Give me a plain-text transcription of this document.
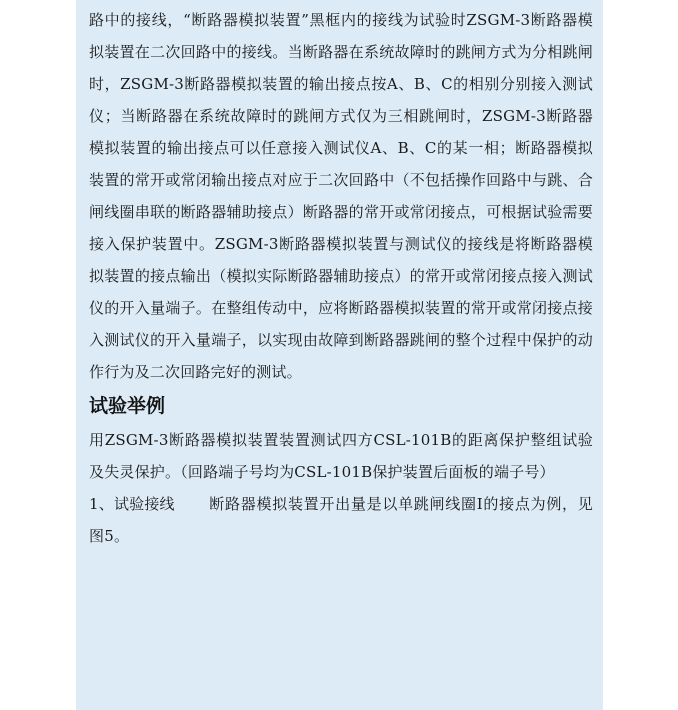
路中的接线，“断路器模拟装置”黑框内的接线为试验时ZSGM-3断路器模拟装置在二次回路中的接线。当断路器在系统故障时的跳闸方式为分相跳闸时，ZSGM-3断路器模拟装置的输出接点按A、B、C的相别分别接入测试仪；当断路器在系统故障时的跳闸方式仅为三相跳闸时，ZSGM-3断路器模拟装置的输出接点可以任意接入测试仪A、B、C的某一相；断路器模拟装置的常开或常闭输出接点对应于二次回路中（不包括操作回路中与跳、合闸线圈串联的断路器辅助接点）断路器的常开或常闭接点，可根据试验需要接入保护装置中。ZSGM-3断路器模拟装置与测试仪的接线是将断路器模拟装置的接点输出（模拟实际断路器辅助接点）的常开或常闭接点接入测试仪的开入量端子。在整组传动中，应将断路器模拟装置的常开或常闭接点接入测试仪的开入量端子，以实现由故障到断路器跳闸的整个过程中保护的动作行为及二次回路完好的测试。

试验举例

用ZSGM-3断路器模拟装置装置测试四方CSL-101B的距离保护整组试验及失灵保护。（回路端子号均为CSL-101B保护装置后面板的端子号）

1、试验接线 断路器模拟装置开出量是以单跳闸线圈Ⅰ的接点为例，见图5。
